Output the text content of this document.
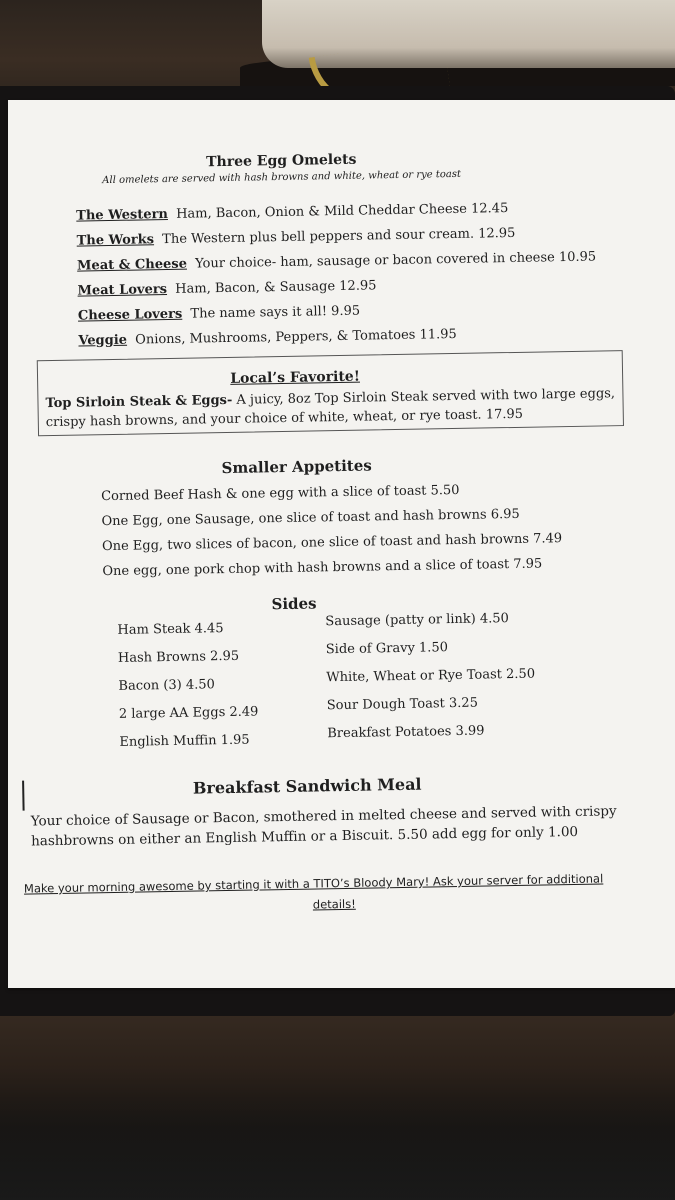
Three Egg Omelets
All omelets are served with hash browns and white, wheat or rye toast
The Western Ham, Bacon, Onion & Mild Cheddar Cheese 12.45
The Works The Western plus bell peppers and sour cream. 12.95
Meat & Cheese Your choice- ham, sausage or bacon covered in cheese 10.95
Meat Lovers Ham, Bacon, & Sausage 12.95
Cheese Lovers The name says it all! 9.95
Veggie Onions, Mushrooms, Peppers, & Tomatoes 11.95
Local’s Favorite!
Top Sirloin Steak & Eggs- A juicy, 8oz Top Sirloin Steak served with two large eggs,
crispy hash browns, and your choice of white, wheat, or rye toast. 17.95
Smaller Appetites
Corned Beef Hash & one egg with a slice of toast 5.50
One Egg, one Sausage, one slice of toast and hash browns 6.95
One Egg, two slices of bacon, one slice of toast and hash browns 7.49
One egg, one pork chop with hash browns and a slice of toast 7.95
Sides
Ham Steak 4.45
Hash Browns 2.95
Bacon (3) 4.50
2 large AA Eggs 2.49
English Muffin 1.95
Sausage (patty or link) 4.50
Side of Gravy 1.50
White, Wheat or Rye Toast 2.50
Sour Dough Toast 3.25
Breakfast Potatoes 3.99
Breakfast Sandwich Meal
Your choice of Sausage or Bacon, smothered in melted cheese and served with crispy
hashbrowns on either an English Muffin or a Biscuit. 5.50 add egg for only 1.00
Make your morning awesome by starting it with a TITO’s Bloody Mary! Ask your server for additional
details!
